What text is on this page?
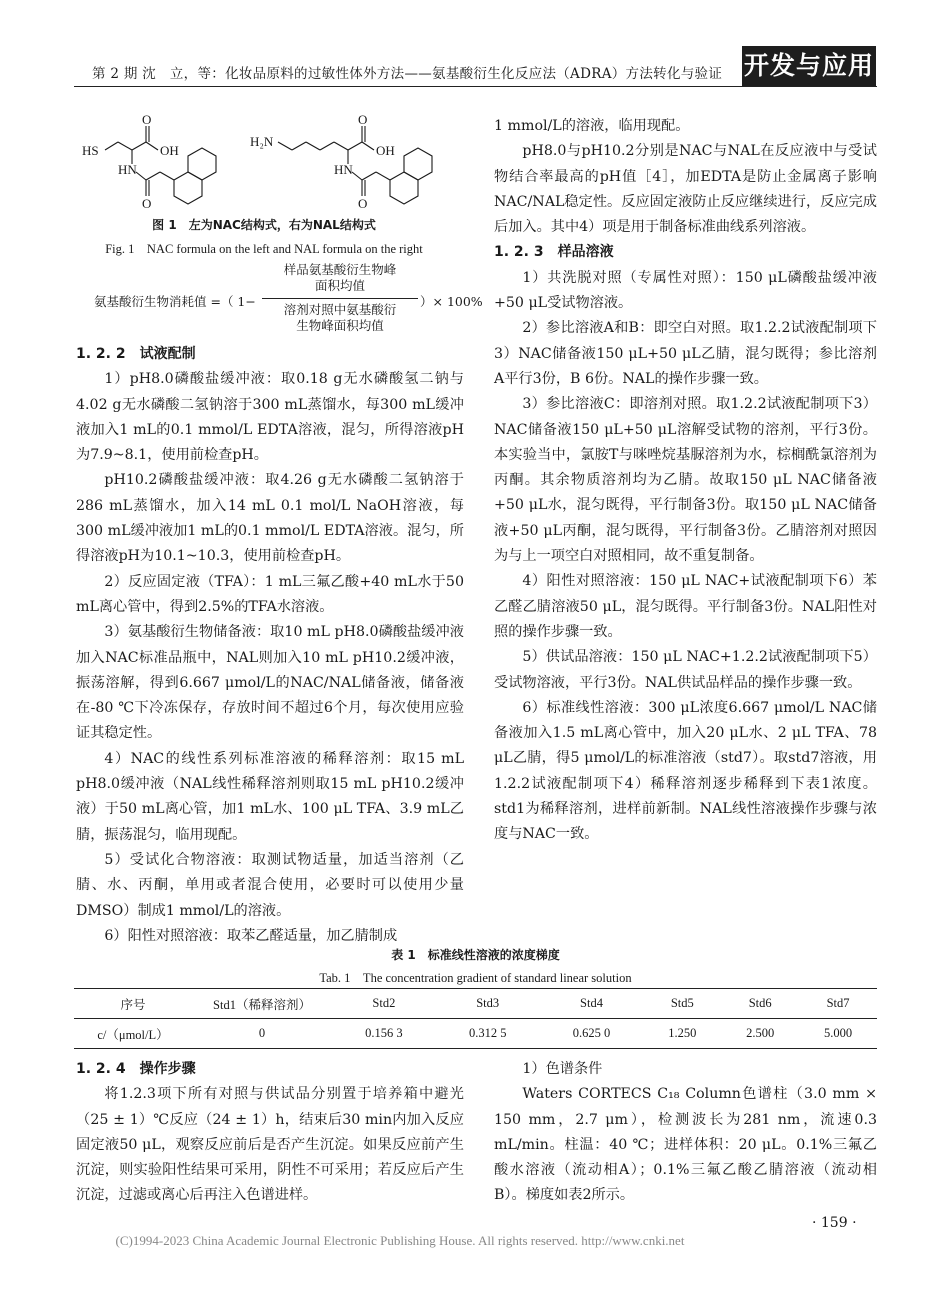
第 2 期 沈　立，等：化妆品原料的过敏性体外方法——氨基酸衍生化反应法（ADRA）方法转化与验证 开发与应用
HS
O
OH
HN
O
H₂N
O
OH
HN
O
图 1　左为NAC结构式，右为NAL结构式
Fig. 1　NAC formula on the left and NAL formula on the right
氨基酸衍生物消耗值 =（ 1−
样品氨基酸衍生物峰
面积均值
溶剂对照中氨基酸衍
生物峰面积均值
）× 100%
1. 2. 2　试液配制

1）pH8.0磷酸盐缓冲液：取0.18 g无水磷酸氢二钠与4.02 g无水磷酸二氢钠溶于300 mL蒸馏水，每300 mL缓冲液加入1 mL的0.1 mmol/L EDTA溶液，混匀，所得溶液pH为7.9~8.1，使用前检查pH。

pH10.2磷酸盐缓冲液：取4.26 g无水磷酸二氢钠溶于286 mL蒸馏水，加入14 mL 0.1 mol/L NaOH溶液，每300 mL缓冲液加1 mL的0.1 mmol/L EDTA溶液。混匀，所得溶液pH为10.1~10.3，使用前检查pH。

2）反应固定液（TFA）：1 mL三氟乙酸+40 mL水于50 mL离心管中，得到2.5%的TFA水溶液。

3）氨基酸衍生物储备液：取10 mL pH8.0磷酸盐缓冲液加入NAC标准品瓶中，NAL则加入10 mL pH10.2缓冲液，振荡溶解，得到6.667 μmol/L的NAC/NAL储备液，储备液在-80 ℃下冷冻保存，存放时间不超过6个月，每次使用应验证其稳定性。

4）NAC的线性系列标准溶液的稀释溶剂：取15 mL pH8.0缓冲液（NAL线性稀释溶剂则取15 mL pH10.2缓冲液）于50 mL离心管，加1 mL水、100 μL TFA、3.9 mL乙腈，振荡混匀，临用现配。

5）受试化合物溶液：取测试物适量，加适当溶剂（乙腈、水、丙酮，单用或者混合使用，必要时可以使用少量DMSO）制成1 mmol/L的溶液。

6）阳性对照溶液：取苯乙醛适量，加乙腈制成

1 mmol/L的溶液，临用现配。

pH8.0与pH10.2分别是NAC与NAL在反应液中与受试物结合率最高的pH值［4］，加EDTA是防止金属离子影响NAC/NAL稳定性。反应固定液防止反应继续进行，反应完成后加入。其中4）项是用于制备标准曲线系列溶液。

1. 2. 3　样品溶液

1）共洗脱对照（专属性对照）：150 μL磷酸盐缓冲液+50 μL受试物溶液。

2）参比溶液A和B：即空白对照。取1.2.2试液配制项下3）NAC储备液150 μL+50 μL乙腈，混匀既得；参比溶剂A平行3份，B 6份。NAL的操作步骤一致。

3）参比溶液C：即溶剂对照。取1.2.2试液配制项下3）NAC储备液150 μL+50 μL溶解受试物的溶剂，平行3份。本实验当中，氯胺T与咪唑烷基脲溶剂为水，棕榈酰氯溶剂为丙酮。其余物质溶剂均为乙腈。故取150 μL NAC储备液+50 μL水，混匀既得，平行制备3份。取150 μL NAC储备液+50 μL丙酮，混匀既得，平行制备3份。乙腈溶剂对照因为与上一项空白对照相同，故不重复制备。

4）阳性对照溶液：150 μL NAC+试液配制项下6）苯乙醛乙腈溶液50 μL，混匀既得。平行制备3份。NAL阳性对照的操作步骤一致。

5）供试品溶液：150 μL NAC+1.2.2试液配制项下5）受试物溶液，平行3份。NAL供试品样品的操作步骤一致。

6）标准线性溶液：300 μL浓度6.667 μmol/L NAC储备液加入1.5 mL离心管中，加入20 μL水、2 μL TFA、78 μL乙腈，得5 μmol/L的标准溶液（std7）。取std7溶液，用1.2.2试液配制项下4）稀释溶剂逐步稀释到下表1浓度。std1为稀释溶剂，进样前新制。NAL线性溶液操作步骤与浓度与NAC一致。

表 1　标准线性溶液的浓度梯度
Tab. 1　The concentration gradient of standard linear solution
序号	Std1（稀释溶剂）	Std2	Std3	Std4	Std5	Std6	Std7
c/（μmol/L）	0	0.156 3	0.312 5	0.625 0	1.250	2.500	5.000
1. 2. 4　操作步骤

将1.2.3项下所有对照与供试品分别置于培养箱中避光（25 ± 1）℃反应（24 ± 1）h，结束后30 min内加入反应固定液50 μL，观察反应前后是否产生沉淀。如果反应前产生沉淀，则实验阳性结果可采用，阴性不可采用；若反应后产生沉淀，过滤或离心后再注入色谱进样。

1）色谱条件

Waters CORTECS C₁₈ Column色谱柱（3.0 mm × 150 mm，2.7 μm），检测波长为281 nm，流速0.3 mL/min。柱温：40 ℃；进样体积：20 μL。0.1%三氟乙酸水溶液（流动相A）；0.1%三氟乙酸乙腈溶液（流动相B）。梯度如表2所示。

· 159 ·
(C)1994-2023 China Academic Journal Electronic Publishing House. All rights reserved. http://www.cnki.net
